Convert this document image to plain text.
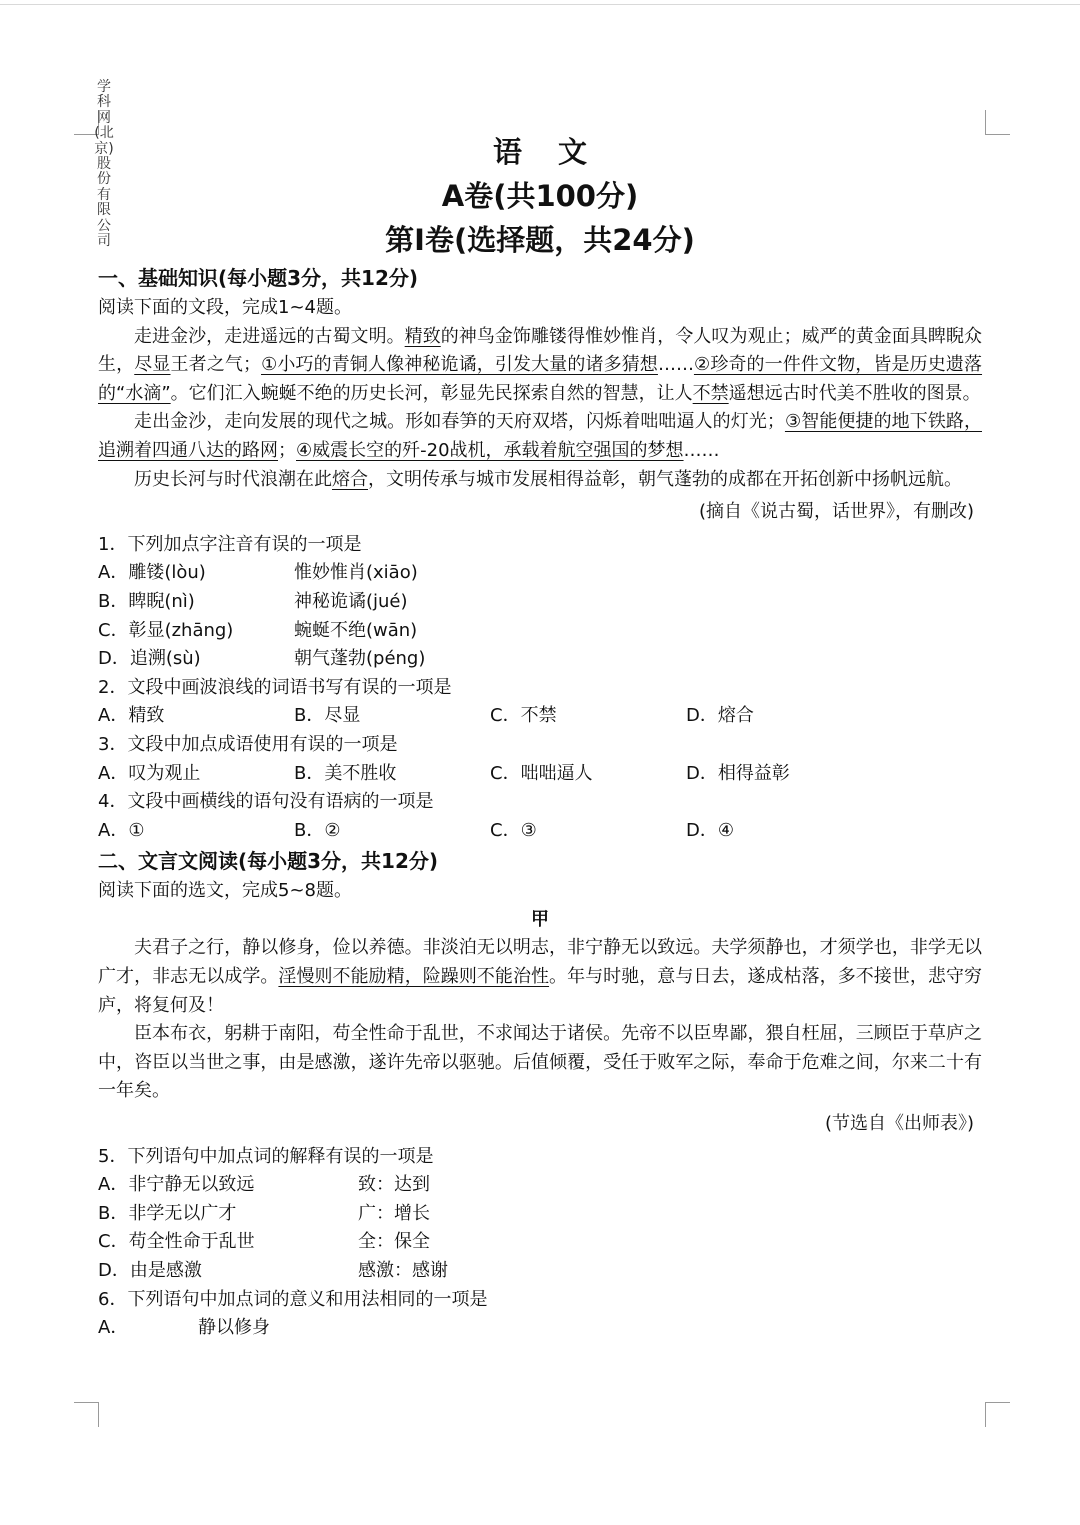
学科网(北京)股份有限公司
语文
A卷(共100分)
第Ⅰ卷(选择题，共24分)
一、基础知识(每小题3分，共12分)
阅读下面的文段，完成1~4题。
走进金沙，走进遥远的古蜀文明。精致的神鸟金饰雕镂得惟妙惟肖，令人叹为观止；威严的黄金面具睥睨众生，尽显王者之气；①小巧的青铜人像神秘诡谲，引发大量的诸多猜想……②珍奇的一件件文物，皆是历史遗落的“水滴”。它们汇入蜿蜒不绝的历史长河，彰显先民探索自然的智慧，让人不禁遥想远古时代美不胜收的图景。
走出金沙，走向发展的现代之城。形如春笋的天府双塔，闪烁着咄咄逼人的灯光；③智能便捷的地下铁路，追溯着四通八达的路网；④威震长空的歼-20战机，承载着航空强国的梦想……
历史长河与时代浪潮在此熔合，文明传承与城市发展相得益彰，朝气蓬勃的成都在开拓创新中扬帆远航。
(摘自《说古蜀，话世界》，有删改)
1．下列加点字注音有误的一项是
A．雕镂(lòu)	惟妙惟肖(xiāo)
B．睥睨(nì)	神秘诡谲(jué)
C．彰显(zhāng)	蜿蜒不绝(wān)
D．追溯(sù)	朝气蓬勃(péng)
2．文段中画波浪线的词语书写有误的一项是
A．精致	B．尽显	C．不禁	D．熔合
3．文段中加点成语使用有误的一项是
A．叹为观止	B．美不胜收	C．咄咄逼人	D．相得益彰
4．文段中画横线的语句没有语病的一项是
A．①	B．②	C．③	D．④
二、文言文阅读(每小题3分，共12分)
阅读下面的选文，完成5~8题。
甲
夫君子之行，静以修身，俭以养德。非淡泊无以明志，非宁静无以致远。夫学须静也，才须学也，非学无以广才，非志无以成学。淫慢则不能励精，险躁则不能治性。年与时驰，意与日去，遂成枯落，多不接世，悲守穷庐，将复何及！
臣本布衣，躬耕于南阳，苟全性命于乱世，不求闻达于诸侯。先帝不以臣卑鄙，猥自枉屈，三顾臣于草庐之中，咨臣以当世之事，由是感激，遂许先帝以驱驰。后值倾覆，受任于败军之际，奉命于危难之间，尔来二十有一年矣。
(节选自《出师表》)
5．下列语句中加点词的解释有误的一项是
A．非宁静无以致远	致：达到
B．非学无以广才	广：增长
C．苟全性命于乱世	全：保全
D．由是感激	感激：感谢
6．下列语句中加点词的意义和用法相同的一项是
A．	静以修身
